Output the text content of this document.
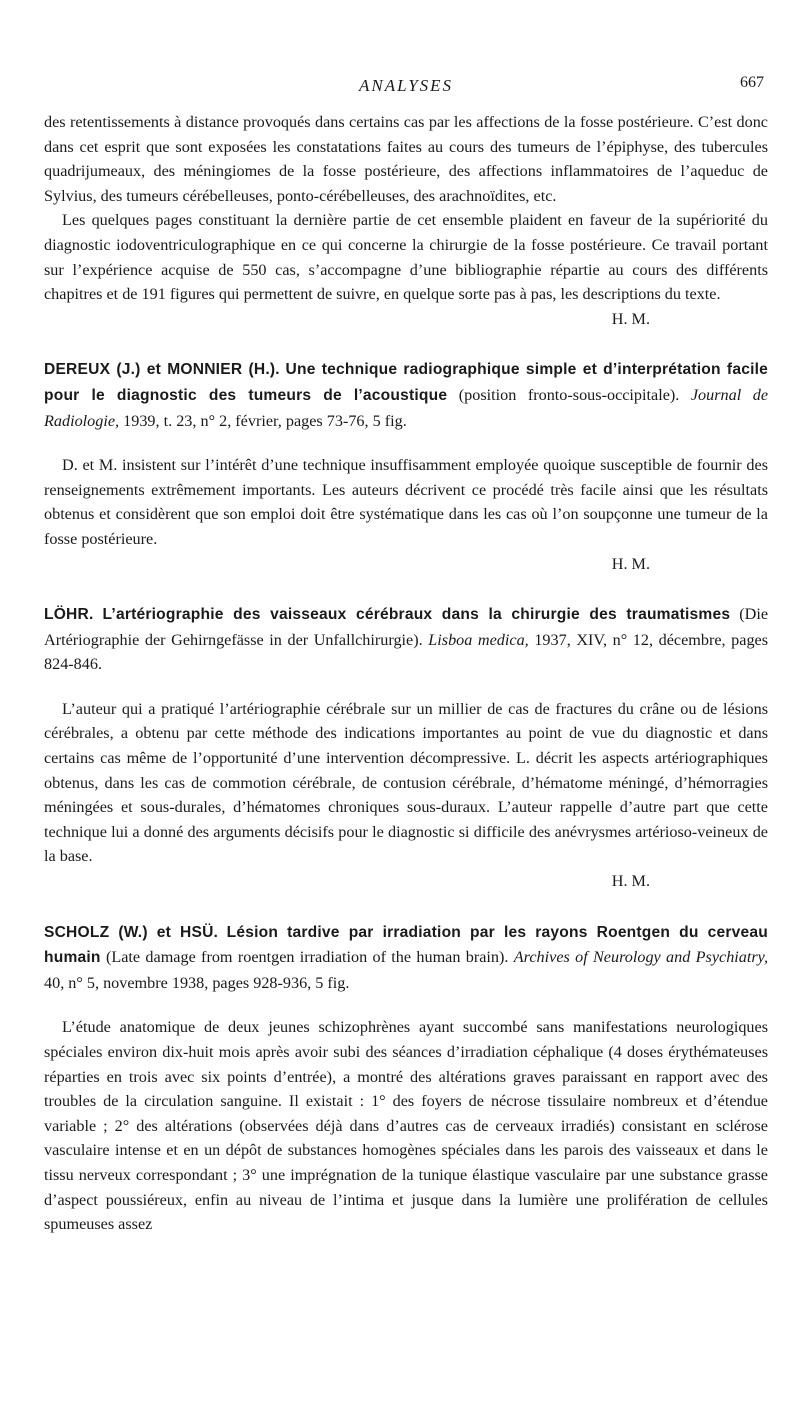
ANALYSES	667

des retentissements à distance provoqués dans certains cas par les affections de la fosse postérieure. C’est donc dans cet esprit que sont exposées les constatations faites au cours des tumeurs de l’épiphyse, des tubercules quadrijumeaux, des méningiomes de la fosse postérieure, des affections inflammatoires de l’aqueduc de Sylvius, des tumeurs cérébelleuses, ponto-cérébelleuses, des arachnoïdites, etc.

Les quelques pages constituant la dernière partie de cet ensemble plaident en faveur de la supériorité du diagnostic iodoventriculographique en ce qui concerne la chirurgie de la fosse postérieure. Ce travail portant sur l’expérience acquise de 550 cas, s’accompagne d’une bibliographie répartie au cours des différents chapitres et de 191 figures qui permettent de suivre, en quelque sorte pas à pas, les descriptions du texte.

H. M.
DEREUX (J.) et MONNIER (H.). Une technique radiographique simple et d’interprétation facile pour le diagnostic des tumeurs de l’acoustique (position fronto-sous-occipitale). Journal de Radiologie, 1939, t. 23, n° 2, février, pages 73-76, 5 fig.

D. et M. insistent sur l’intérêt d’une technique insuffisamment employée quoique susceptible de fournir des renseignements extrêmement importants. Les auteurs décrivent ce procédé très facile ainsi que les résultats obtenus et considèrent que son emploi doit être systématique dans les cas où l’on soupçonne une tumeur de la fosse postérieure.

H. M.
LÖHR. L’artériographie des vaisseaux cérébraux dans la chirurgie des traumatismes (Die Artériographie der Gehirngefässe in der Unfallchirurgie). Lisboa medica, 1937, XIV, n° 12, décembre, pages 824-846.

L’auteur qui a pratiqué l’artériographie cérébrale sur un millier de cas de fractures du crâne ou de lésions cérébrales, a obtenu par cette méthode des indications importantes au point de vue du diagnostic et dans certains cas même de l’opportunité d’une intervention décompressive. L. décrit les aspects artériographiques obtenus, dans les cas de commotion cérébrale, de contusion cérébrale, d’hématome méningé, d’hémorragies méningées et sous-durales, d’hématomes chroniques sous-duraux. L’auteur rappelle d’autre part que cette technique lui a donné des arguments décisifs pour le diagnostic si difficile des anévrysmes artérioso-veineux de la base.

H. M.
SCHOLZ (W.) et HSÜ. Lésion tardive par irradiation par les rayons Roentgen du cerveau humain (Late damage from roentgen irradiation of the human brain). Archives of Neurology and Psychiatry, 40, n° 5, novembre 1938, pages 928-936, 5 fig.

L’étude anatomique de deux jeunes schizophrènes ayant succombé sans manifestations neurologiques spéciales environ dix-huit mois après avoir subi des séances d’irradiation céphalique (4 doses érythémateuses réparties en trois avec six points d’entrée), a montré des altérations graves paraissant en rapport avec des troubles de la circulation sanguine. Il existait : 1° des foyers de nécrose tissulaire nombreux et d’étendue variable ; 2° des altérations (observées déjà dans d’autres cas de cerveaux irradiés) consistant en sclérose vasculaire intense et en un dépôt de substances homogènes spéciales dans les parois des vaisseaux et dans le tissu nerveux correspondant ; 3° une imprégnation de la tunique élastique vasculaire par une substance grasse d’aspect poussiéreux, enfin au niveau de l’intima et jusque dans la lumière une prolifération de cellules spumeuses assez
